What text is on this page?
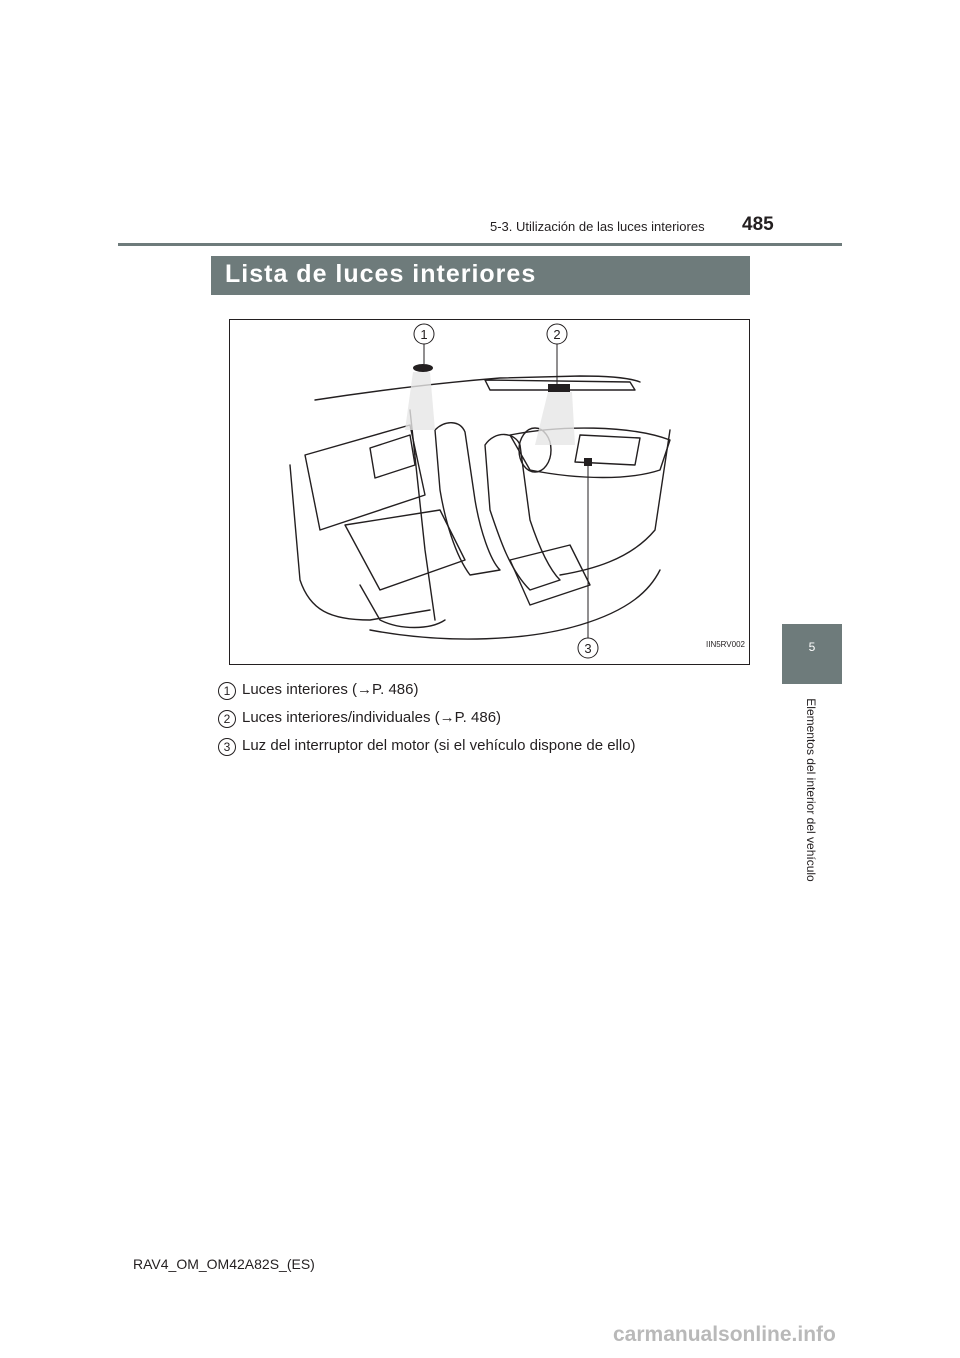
5-3. Utilización de las luces interiores 485
Lista de luces interiores
5
Elementos del interior del vehículo
1	2
3	IIN5RV002
1 Luces interiores (→P. 486)
2 Luces interiores/individuales (→P. 486)
3 Luz del interruptor del motor (si el vehículo dispone de ello)
RAV4_OM_OM42A82S_(ES)
carmanualsonline.info
